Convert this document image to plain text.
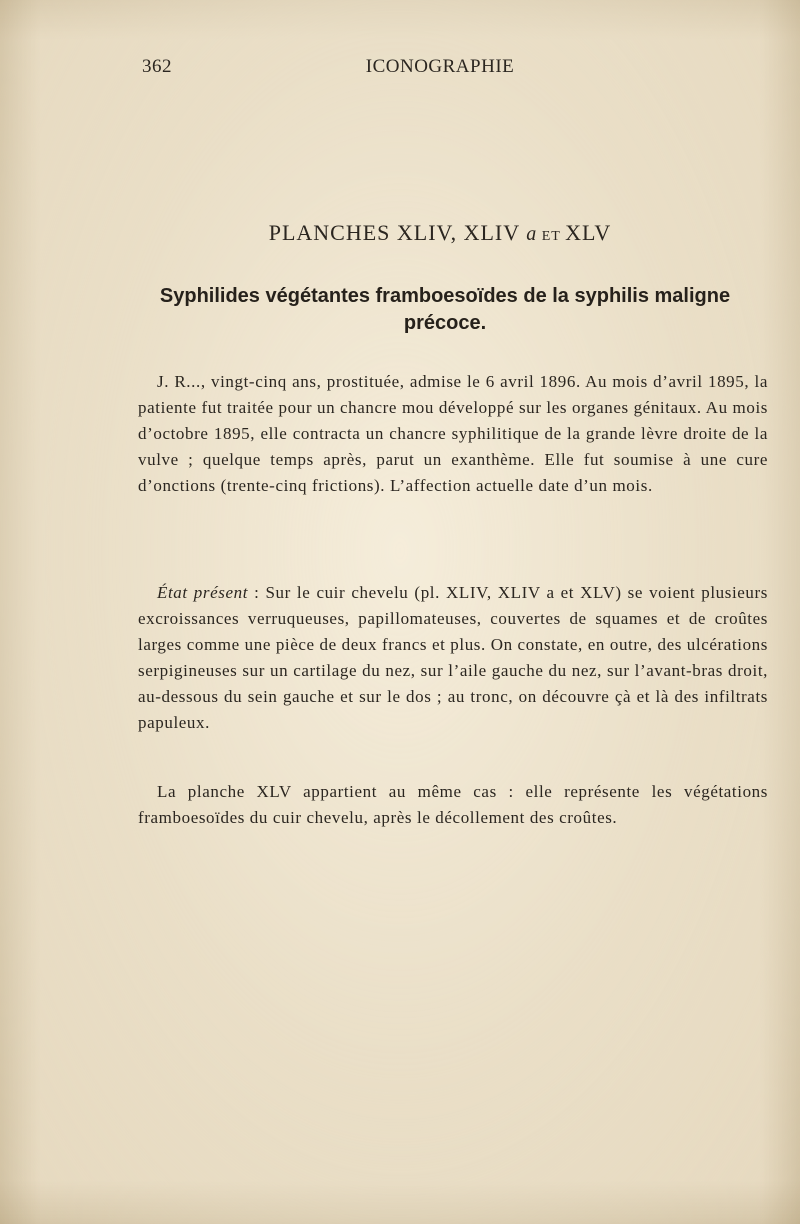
362	ICONOGRAPHIE
PLANCHES XLIV, XLIV a ET XLV
Syphilides végétantes framboesoïdes de la syphilis maligne précoce.

J. R..., vingt-cinq ans, prostituée, admise le 6 avril 1896. Au mois d’avril 1895, la patiente fut traitée pour un chancre mou développé sur les organes génitaux. Au mois d’octobre 1895, elle contracta un chancre syphilitique de la grande lèvre droite de la vulve ; quelque temps après, parut un exanthème. Elle fut soumise à une cure d’onctions (trente-cinq frictions). L’affection actuelle date d’un mois.

État présent : Sur le cuir chevelu (pl. XLIV, XLIV a et XLV) se voient plusieurs excroissances verruqueuses, papillomateuses, couvertes de squames et de croûtes larges comme une pièce de deux francs et plus. On constate, en outre, des ulcérations serpigineuses sur un cartilage du nez, sur l’aile gauche du nez, sur l’avant-bras droit, au-dessous du sein gauche et sur le dos ; au tronc, on découvre çà et là des infiltrats papuleux.

La planche XLV appartient au même cas : elle représente les végétations framboesoïdes du cuir chevelu, après le décollement des croûtes.
